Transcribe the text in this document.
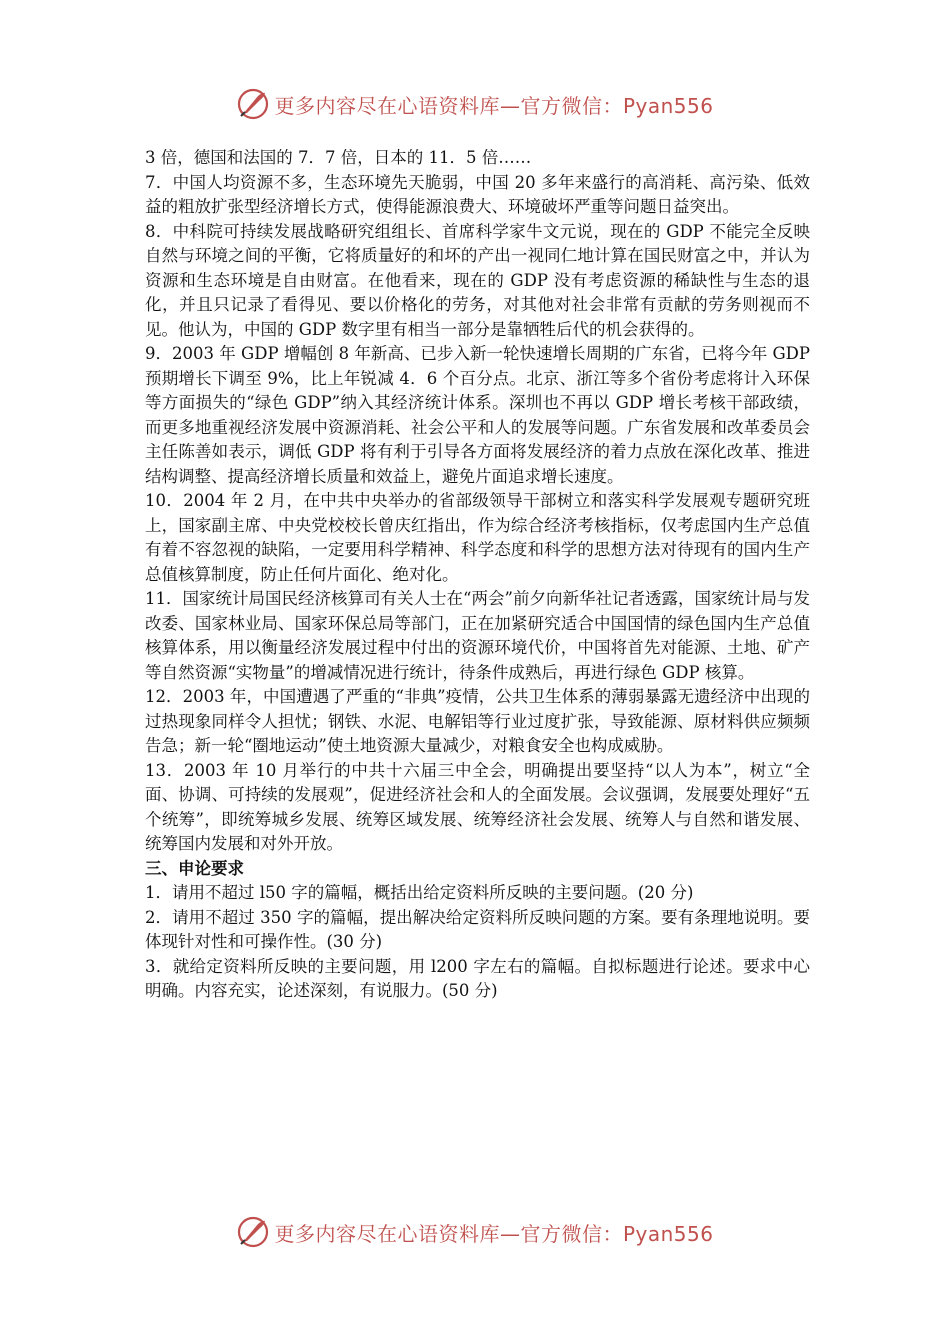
更多内容尽在心语资料库—官方微信：Pyan556

3 倍，德国和法国的 7．7 倍，日本的 11．5 倍……

7．中国人均资源不多，生态环境先天脆弱，中国 20 多年来盛行的高消耗、高污染、低效益的粗放扩张型经济增长方式，使得能源浪费大、环境破坏严重等问题日益突出。

8．中科院可持续发展战略研究组组长、首席科学家牛文元说，现在的 GDP 不能完全反映自然与环境之间的平衡，它将质量好的和坏的产出一视同仁地计算在国民财富之中，并认为资源和生态环境是自由财富。在他看来，现在的 GDP 没有考虑资源的稀缺性与生态的退化，并且只记录了看得见、要以价格化的劳务，对其他对社会非常有贡献的劳务则视而不见。他认为，中国的 GDP 数字里有相当一部分是靠牺牲后代的机会获得的。

9．2003 年 GDP 增幅创 8 年新高、已步入新一轮快速增长周期的广东省，已将今年 GDP 预期增长下调至 9%，比上年锐减 4．6 个百分点。北京、浙江等多个省份考虑将计入环保等方面损失的“绿色 GDP”纳入其经济统计体系。深圳也不再以 GDP 增长考核干部政绩，而更多地重视经济发展中资源消耗、社会公平和人的发展等问题。广东省发展和改革委员会主任陈善如表示，调低 GDP 将有利于引导各方面将发展经济的着力点放在深化改革、推进结构调整、提高经济增长质量和效益上，避免片面追求增长速度。

10．2004 年 2 月，在中共中央举办的省部级领导干部树立和落实科学发展观专题研究班上，国家副主席、中央党校校长曾庆红指出，作为综合经济考核指标，仅考虑国内生产总值有着不容忽视的缺陷，一定要用科学精神、科学态度和科学的思想方法对待现有的国内生产总值核算制度，防止任何片面化、绝对化。

11．国家统计局国民经济核算司有关人士在“两会”前夕向新华社记者透露，国家统计局与发改委、国家林业局、国家环保总局等部门，正在加紧研究适合中国国情的绿色国内生产总值核算体系，用以衡量经济发展过程中付出的资源环境代价，中国将首先对能源、土地、矿产等自然资源“实物量”的增减情况进行统计，待条件成熟后，再进行绿色 GDP 核算。

12．2003 年，中国遭遇了严重的“非典”疫情，公共卫生体系的薄弱暴露无遗经济中出现的过热现象同样令人担忧；钢铁、水泥、电解铝等行业过度扩张，导致能源、原材料供应频频告急；新一轮“圈地运动”使土地资源大量减少，对粮食安全也构成威胁。

13．2003 年 10 月举行的中共十六届三中全会，明确提出要坚持“以人为本”，树立“全面、协调、可持续的发展观”，促进经济社会和人的全面发展。会议强调，发展要处理好“五个统筹”，即统筹城乡发展、统筹区域发展、统筹经济社会发展、统筹人与自然和谐发展、统筹国内发展和对外开放。

三、申论要求

1．请用不超过 l50 字的篇幅，概括出给定资料所反映的主要问题。(20 分)

2．请用不超过 350 字的篇幅，提出解决给定资料所反映问题的方案。要有条理地说明。要体现针对性和可操作性。(30 分)

3．就给定资料所反映的主要问题，用 l200 字左右的篇幅。自拟标题进行论述。要求中心明确。内容充实，论述深刻，有说服力。(50 分)

更多内容尽在心语资料库—官方微信：Pyan556
